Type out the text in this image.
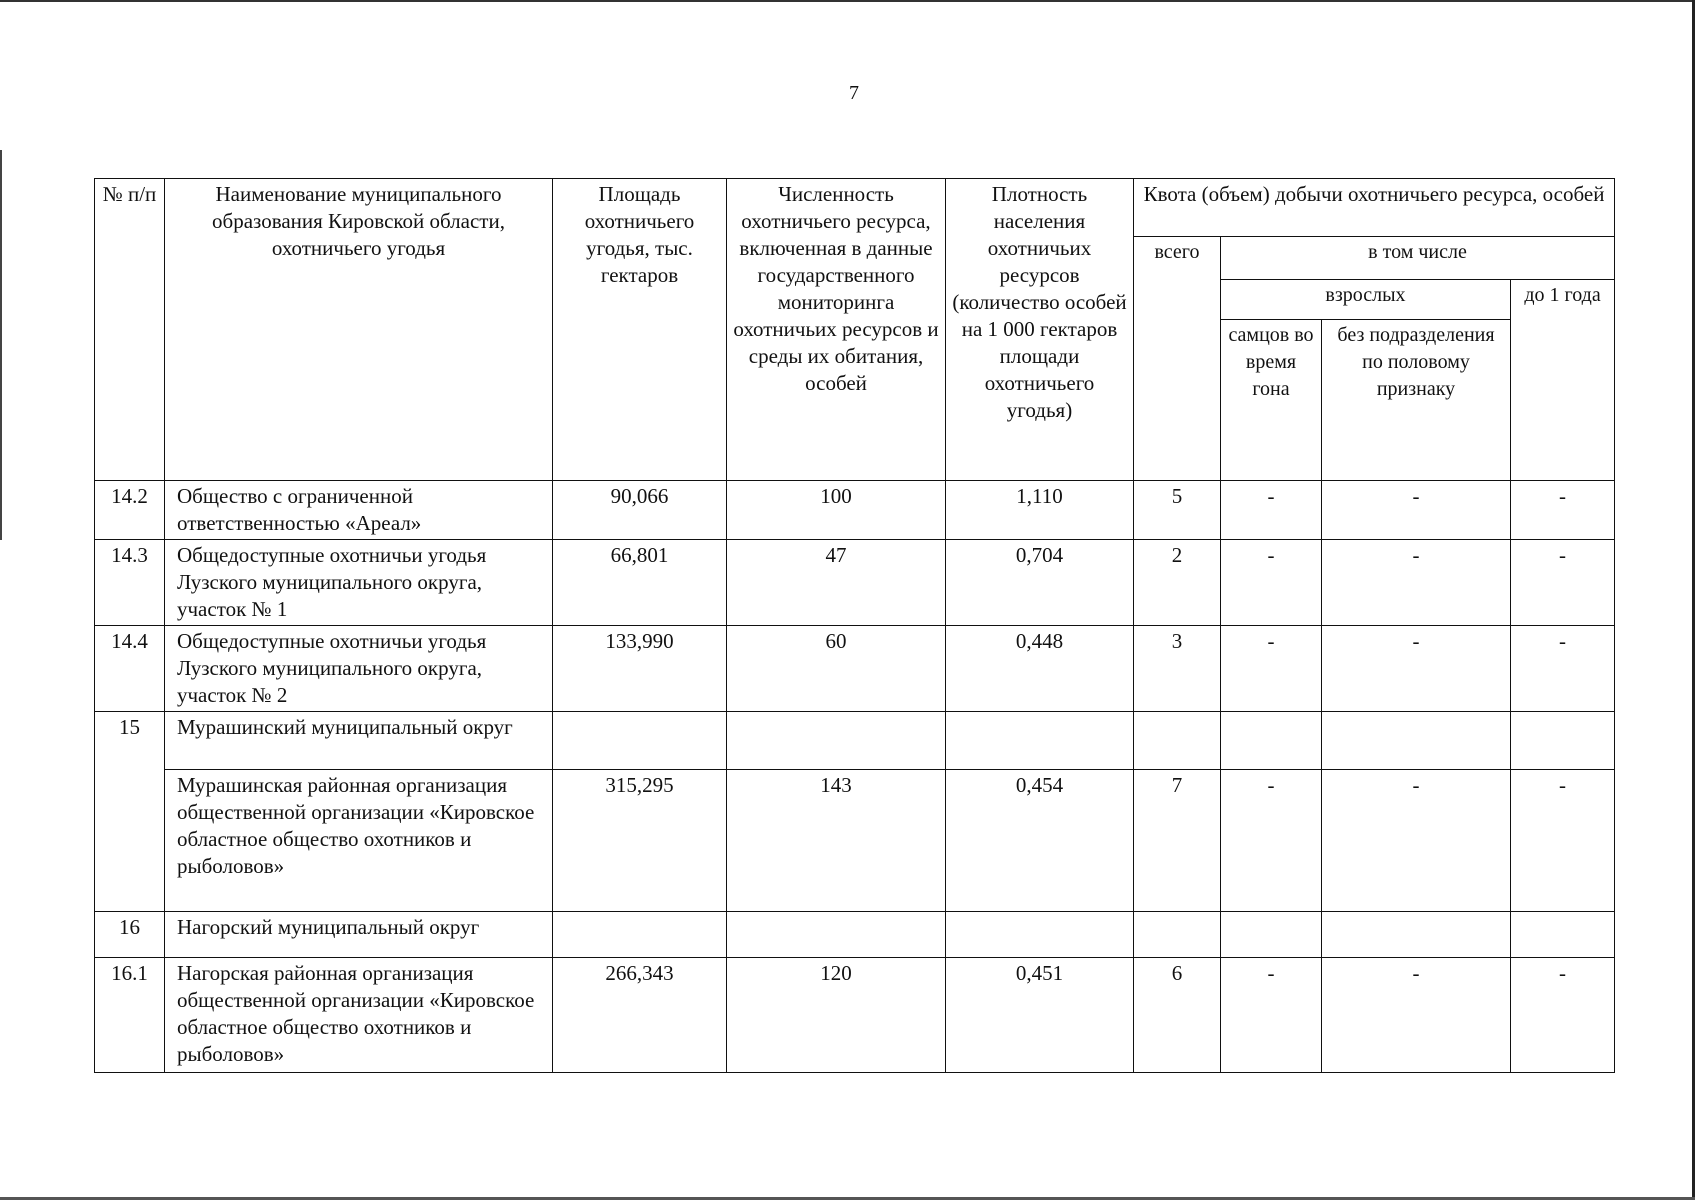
7
№ п/п	Наименование муниципального образования Кировской области, охотничьего угодья	Площадь охотничьего угодья, тыс. гектаров	Численность охотничьего ресурса, включенная в данные государственного мониторинга охотничьих ресурсов и среды их обитания, особей	Плотность населения охотничьих ресурсов (количество особей на 1 000 гектаров площади охотничьего угодья)	Квота (объем) добычи охотничьего ресурса, особей			
					всего	в том числе		
						взрослых		до 1 года
						самцов во время гона	без подразделения по половому признаку	
14.2	Общество с ограниченной ответственностью «Ареал»	90,066	100	1,110	5	-	-	-
14.3	Общедоступные охотничьи угодья Лузского муниципального округа, участок № 1	66,801	47	0,704	2	-	-	-
14.4	Общедоступные охотничьи угодья Лузского муниципального округа, участок № 2	133,990	60	0,448	3	-	-	-
15	Мурашинский муниципальный округ							
	Мурашинская районная организация общественной организации «Кировское областное общество охотников и рыболовов»	315,295	143	0,454	7	-	-	-
16	Нагорский муниципальный округ							
16.1	Нагорская районная организация общественной организации «Кировское областное общество охотников и рыболовов»	266,343	120	0,451	6	-	-	-
